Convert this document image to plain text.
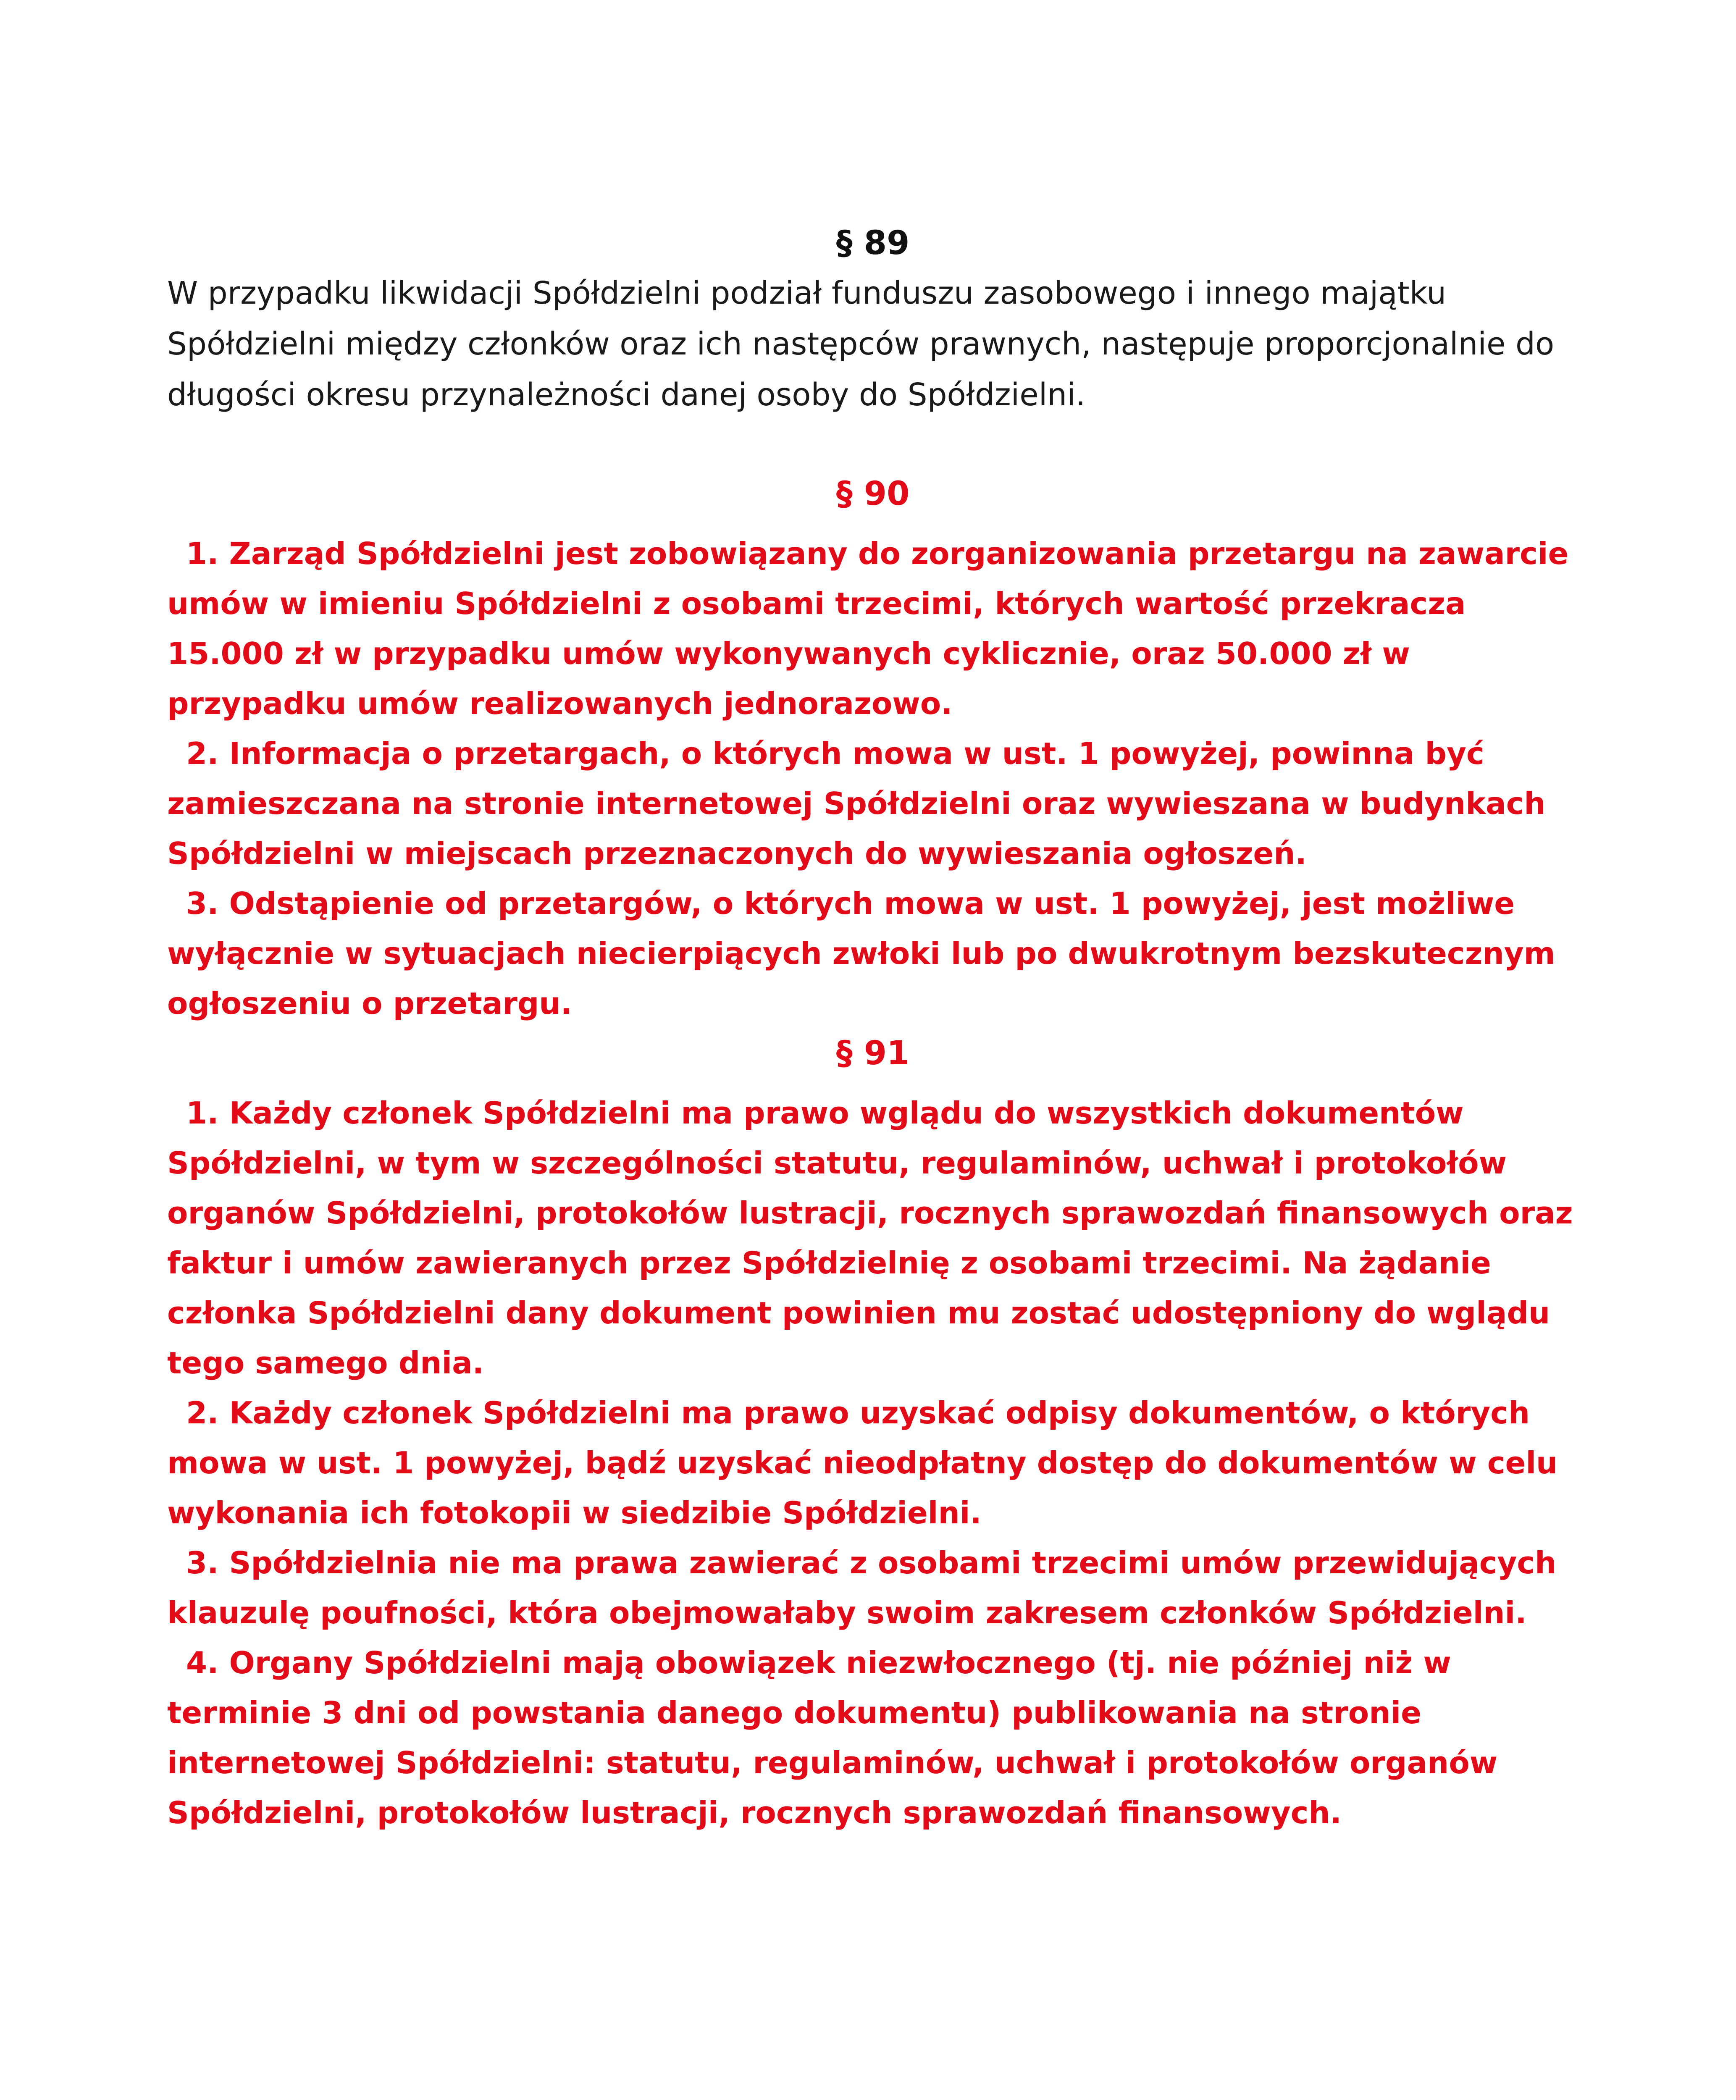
§ 89

W przypadku likwidacji Spółdzielni podział funduszu zasobowego i innego majątku Spółdzielni między członków oraz ich następców prawnych, następuje proporcjonalnie do długości okresu przynależności danej osoby do Spółdzielni.

§ 90

1. Zarząd Spółdzielni jest zobowiązany do zorganizowania przetargu na zawarcie umów w imieniu Spółdzielni z osobami trzecimi, których wartość przekracza 15.000 zł w przypadku umów wykonywanych cyklicznie, oraz 50.000 zł w przypadku umów realizowanych jednorazowo.

2. Informacja o przetargach, o których mowa w ust. 1 powyżej, powinna być zamieszczana na stronie internetowej Spółdzielni oraz wywieszana w budynkach Spółdzielni w miejscach przeznaczonych do wywieszania ogłoszeń.

3. Odstąpienie od przetargów, o których mowa w ust. 1 powyżej, jest możliwe wyłącznie w sytuacjach niecierpiących zwłoki lub po dwukrotnym bezskutecznym ogłoszeniu o przetargu.

§ 91

1. Każdy członek Spółdzielni ma prawo wglądu do wszystkich dokumentów Spółdzielni, w tym w szczególności statutu, regulaminów, uchwał i protokołów organów Spółdzielni, protokołów lustracji, rocznych sprawozdań finansowych oraz faktur i umów zawieranych przez Spółdzielnię z osobami trzecimi. Na żądanie członka Spółdzielni dany dokument powinien mu zostać udostępniony do wglądu tego samego dnia.

2. Każdy członek Spółdzielni ma prawo uzyskać odpisy dokumentów, o których mowa w ust. 1 powyżej, bądź uzyskać nieodpłatny dostęp do dokumentów w celu wykonania ich fotokopii w siedzibie Spółdzielni.

3. Spółdzielnia nie ma prawa zawierać z osobami trzecimi umów przewidujących klauzulę poufności, która obejmowałaby swoim zakresem członków Spółdzielni.

4. Organy Spółdzielni mają obowiązek niezwłocznego (tj. nie później niż w terminie 3 dni od powstania danego dokumentu) publikowania na stronie internetowej Spółdzielni: statutu, regulaminów, uchwał i protokołów organów Spółdzielni, protokołów lustracji, rocznych sprawozdań finansowych.
